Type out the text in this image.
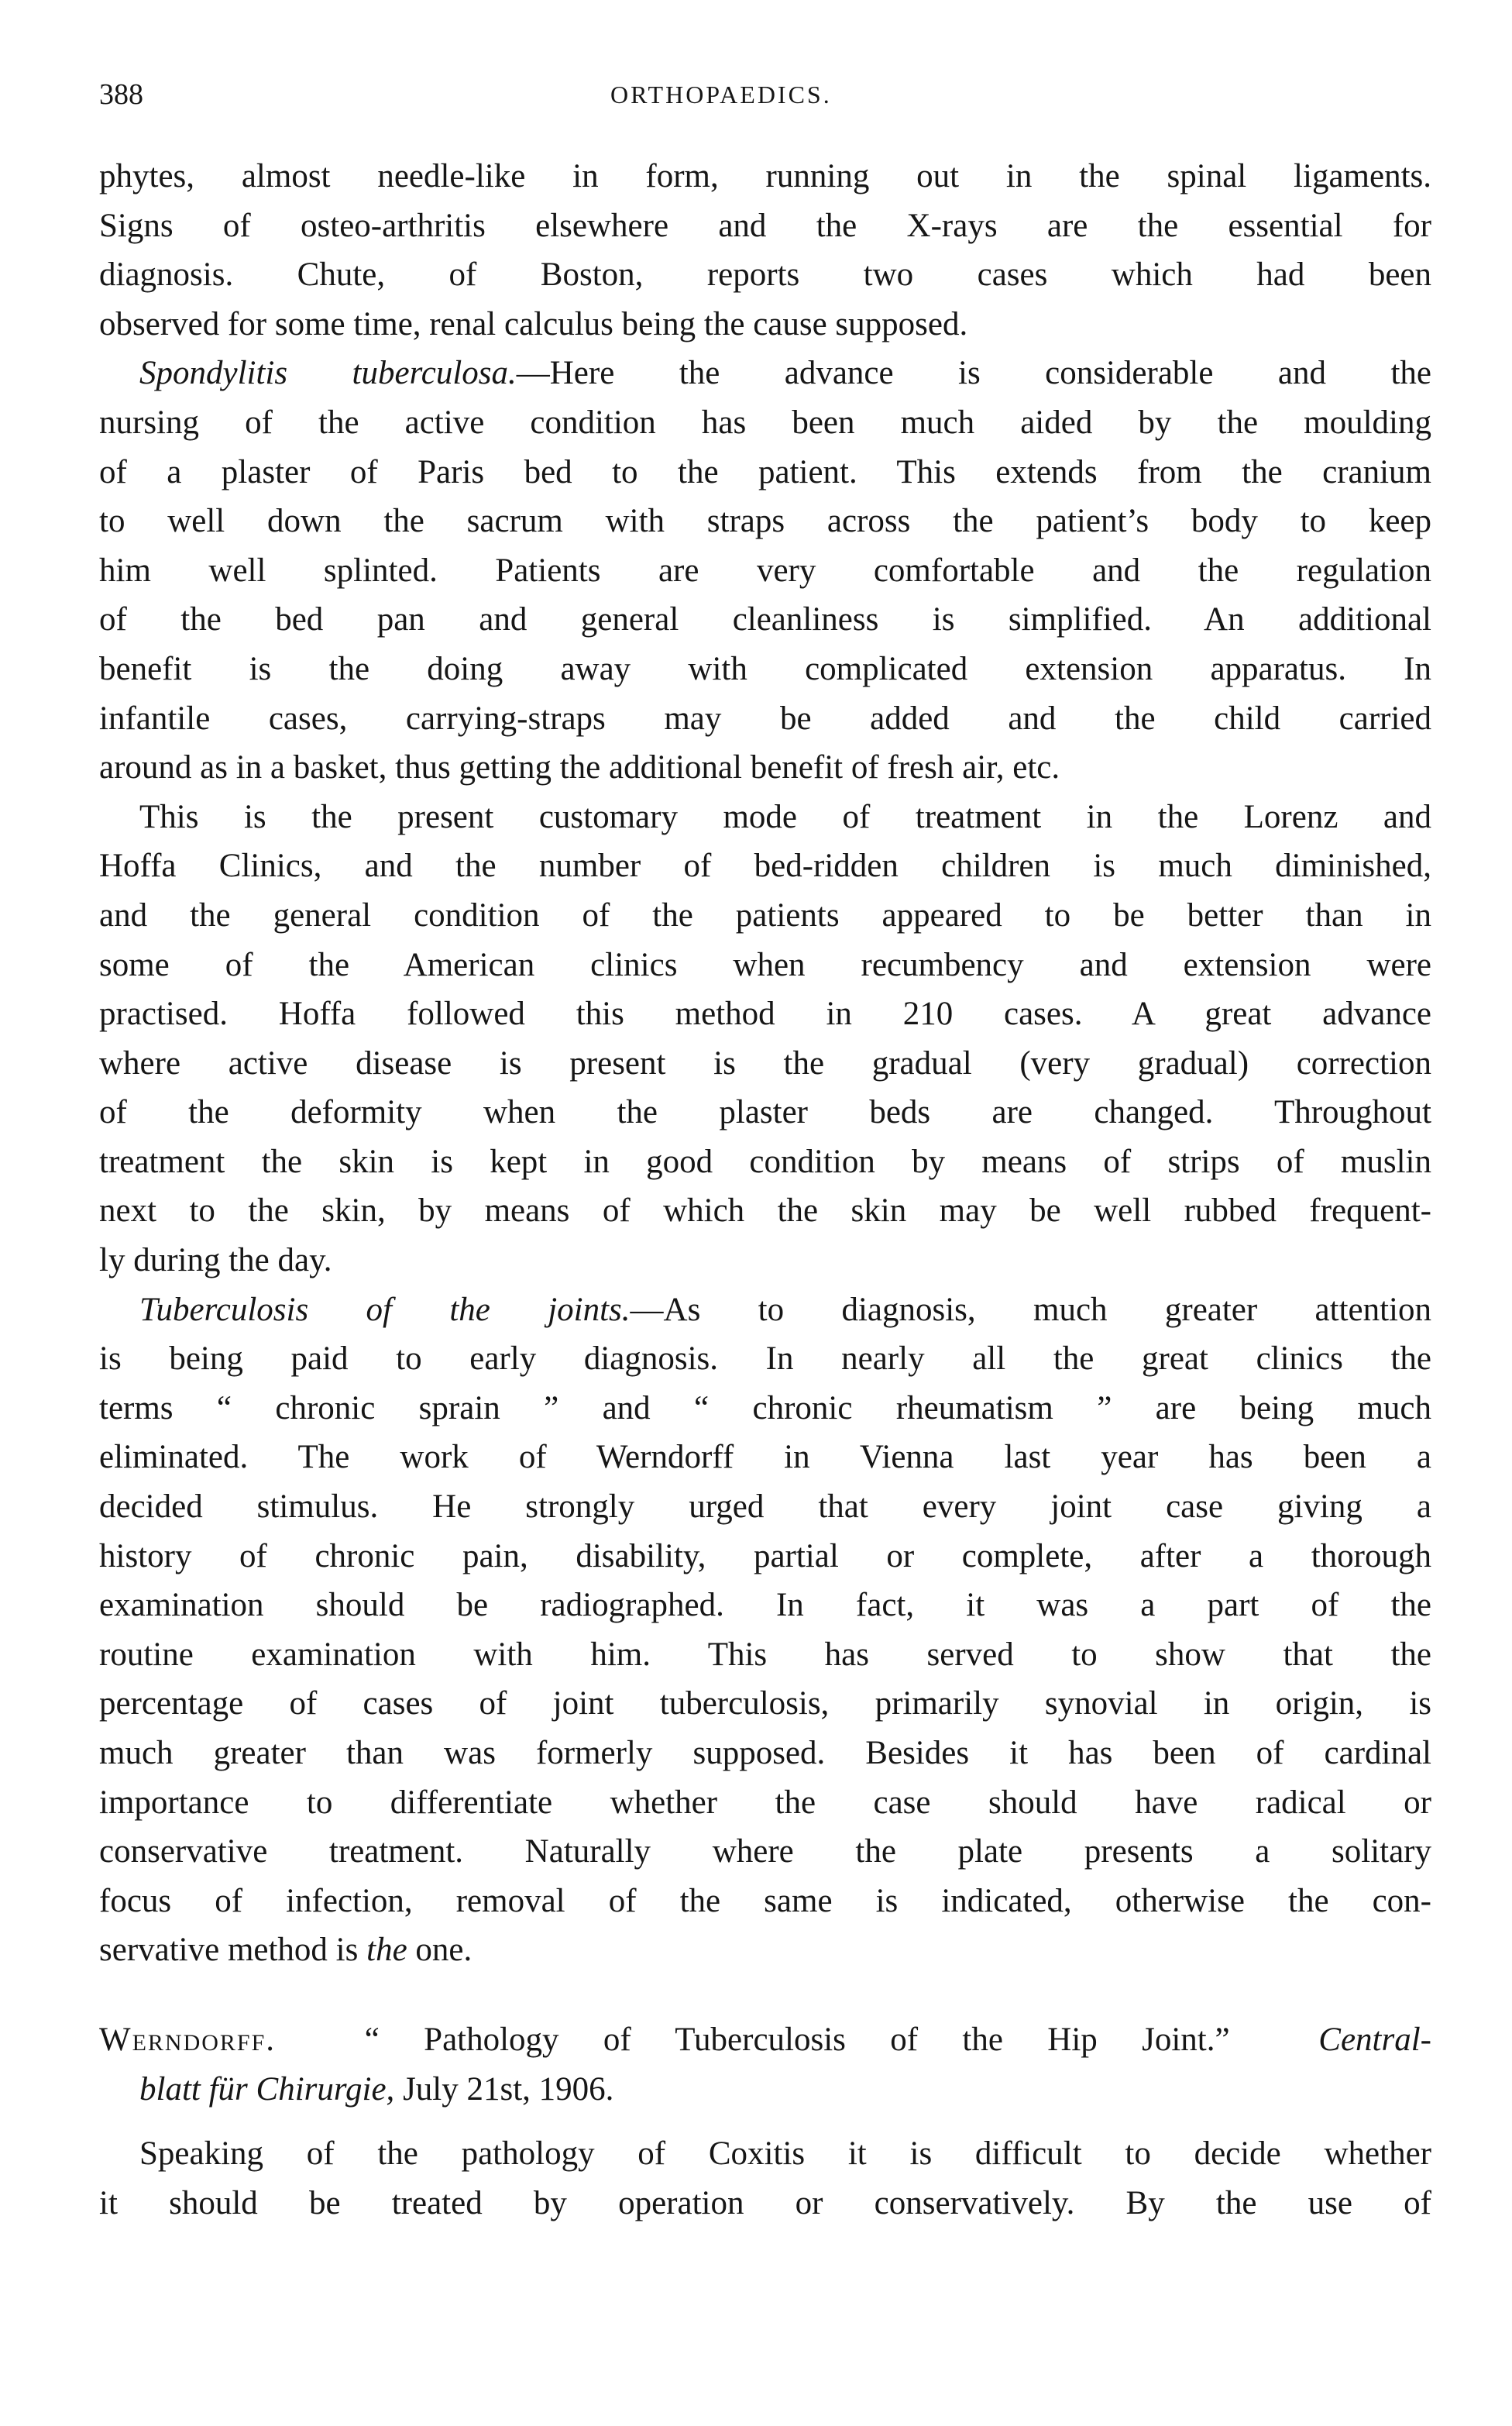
388	ORTHOPAEDICS.
phytes, almost needle-like in form, running out in the spinal ligaments.
Signs of osteo-arthritis elsewhere and the X-rays are the essential for
diagnosis. Chute, of Boston, reports two cases which had been
observed for some time, renal calculus being the cause supposed.
Spondylitis tuberculosa.—Here the advance is considerable and the
nursing of the active condition has been much aided by the moulding
of a plaster of Paris bed to the patient. This extends from the cranium
to well down the sacrum with straps across the patient’s body to keep
him well splinted. Patients are very comfortable and the regulation
of the bed pan and general cleanliness is simplified. An additional
benefit is the doing away with complicated extension apparatus. In
infantile cases, carrying-straps may be added and the child carried
around as in a basket, thus getting the additional benefit of fresh air, etc.
This is the present customary mode of treatment in the Lorenz and
Hoffa Clinics, and the number of bed-ridden children is much diminished,
and the general condition of the patients appeared to be better than in
some of the American clinics when recumbency and extension were
practised. Hoffa followed this method in 210 cases. A great advance
where active disease is present is the gradual (very gradual) correction
of the deformity when the plaster beds are changed. Throughout
treatment the skin is kept in good condition by means of strips of muslin
next to the skin, by means of which the skin may be well rubbed frequent-
ly during the day.
Tuberculosis of the joints.—As to diagnosis, much greater attention
is being paid to early diagnosis. In nearly all the great clinics the
terms “ chronic sprain ” and “ chronic rheumatism ” are being much
eliminated. The work of Werndorff in Vienna last year has been a
decided stimulus. He strongly urged that every joint case giving a
history of chronic pain, disability, partial or complete, after a thorough
examination should be radiographed. In fact, it was a part of the
routine examination with him. This has served to show that the
percentage of cases of joint tuberculosis, primarily synovial in origin, is
much greater than was formerly supposed. Besides it has been of cardinal
importance to differentiate whether the case should have radical or
conservative treatment. Naturally where the plate presents a solitary
focus of infection, removal of the same is indicated, otherwise the con-
servative method is the one.
Werndorff.	“ Pathology of Tuberculosis of the Hip Joint.”	Central-
blatt für Chirurgie, July 21st, 1906.
Speaking of the pathology of Coxitis it is difficult to decide whether
it should be treated by operation or conservatively. By the use of
